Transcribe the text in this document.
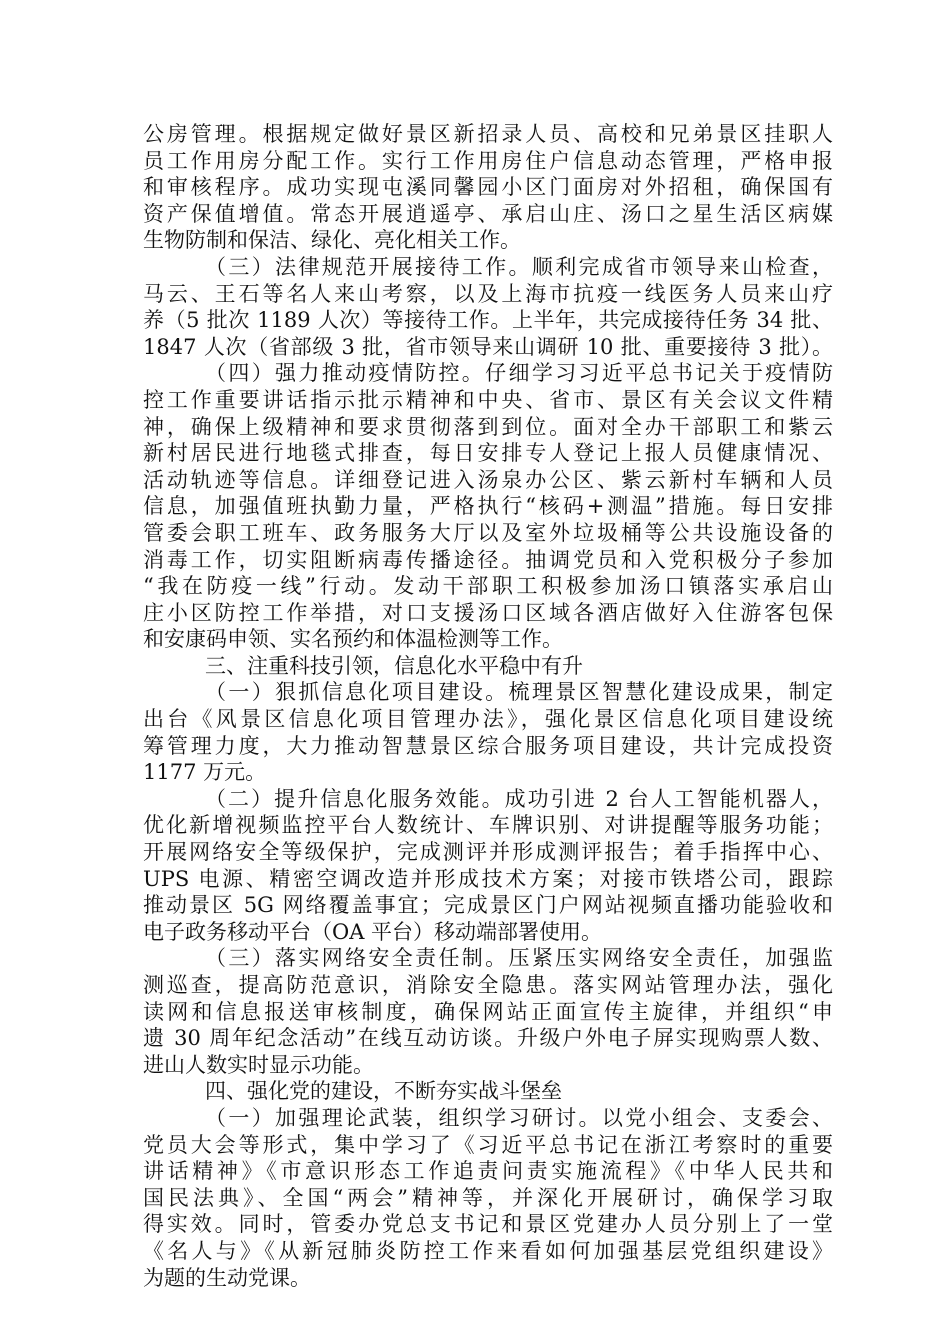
公房管理。根据规定做好景区新招录人员、高校和兄弟景区挂职人
员工作用房分配工作。实行工作用房住户信息动态管理，严格申报
和审核程序。成功实现屯溪同馨园小区门面房对外招租，确保国有
资产保值增值。常态开展逍遥亭、承启山庄、汤口之星生活区病媒
生物防制和保洁、绿化、亮化相关工作。
（三）法律规范开展接待工作。顺利完成省市领导来山检查，
马云、王石等名人来山考察，以及上海市抗疫一线医务人员来山疗
养（5 批次 1189 人次）等接待工作。上半年，共完成接待任务 34 批、
1847 人次（省部级 3 批，省市领导来山调研 10 批、重要接待 3 批）。
（四）强力推动疫情防控。仔细学习习近平总书记关于疫情防
控工作重要讲话指示批示精神和中央、省市、景区有关会议文件精
神，确保上级精神和要求贯彻落到到位。面对全办干部职工和紫云
新村居民进行地毯式排查，每日安排专人登记上报人员健康情况、
活动轨迹等信息。详细登记进入汤泉办公区、紫云新村车辆和人员
信息，加强值班执勤力量，严格执行“核码+测温”措施。每日安排
管委会职工班车、政务服务大厅以及室外垃圾桶等公共设施设备的
消毒工作，切实阻断病毒传播途径。抽调党员和入党积极分子参加
“我在防疫一线”行动。发动干部职工积极参加汤口镇落实承启山
庄小区防控工作举措，对口支援汤口区域各酒店做好入住游客包保
和安康码申领、实名预约和体温检测等工作。
三、注重科技引领，信息化水平稳中有升
（一）狠抓信息化项目建设。梳理景区智慧化建设成果，制定
出台《风景区信息化项目管理办法》，强化景区信息化项目建设统
筹管理力度，大力推动智慧景区综合服务项目建设，共计完成投资
1177 万元。
（二）提升信息化服务效能。成功引进 2 台人工智能机器人，
优化新增视频监控平台人数统计、车牌识别、对讲提醒等服务功能；
开展网络安全等级保护，完成测评并形成测评报告；着手指挥中心、
UPS 电源、精密空调改造并形成技术方案；对接市铁塔公司，跟踪
推动景区 5G 网络覆盖事宜；完成景区门户网站视频直播功能验收和
电子政务移动平台（OA 平台）移动端部署使用。
（三）落实网络安全责任制。压紧压实网络安全责任，加强监
测巡查，提高防范意识，消除安全隐患。落实网站管理办法，强化
读网和信息报送审核制度，确保网站正面宣传主旋律，并组织“申
遗 30 周年纪念活动”在线互动访谈。升级户外电子屏实现购票人数、
进山人数实时显示功能。
四、强化党的建设，不断夯实战斗堡垒
（一）加强理论武装，组织学习研讨。以党小组会、支委会、
党员大会等形式，集中学习了《习近平总书记在浙江考察时的重要
讲话精神》《市意识形态工作追责问责实施流程》《中华人民共和
国民法典》、全国“两会”精神等，并深化开展研讨，确保学习取
得实效。同时，管委办党总支书记和景区党建办人员分别上了一堂
《名人与》《从新冠肺炎防控工作来看如何加强基层党组织建设》
为题的生动党课。
